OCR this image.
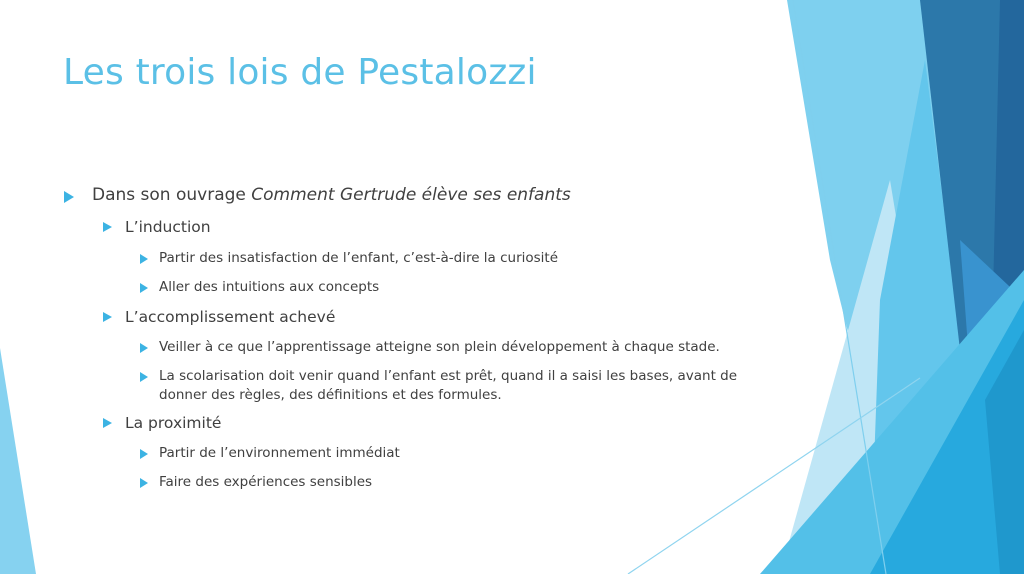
Les trois lois de Pestalozzi
Dans son ouvrage Comment Gertrude élève ses enfants
L’induction
Partir des insatisfaction de l’enfant, c’est-à-dire la curiosité
Aller des intuitions aux concepts
L’accomplissement achevé
Veiller à ce que l’apprentissage atteigne son plein développement à chaque stade.
La scolarisation doit venir quand l’enfant est prêt, quand il a saisi les bases, avant de
donner des règles, des définitions et des formules.
La proximité
Partir de l’environnement immédiat
Faire des expériences sensibles
